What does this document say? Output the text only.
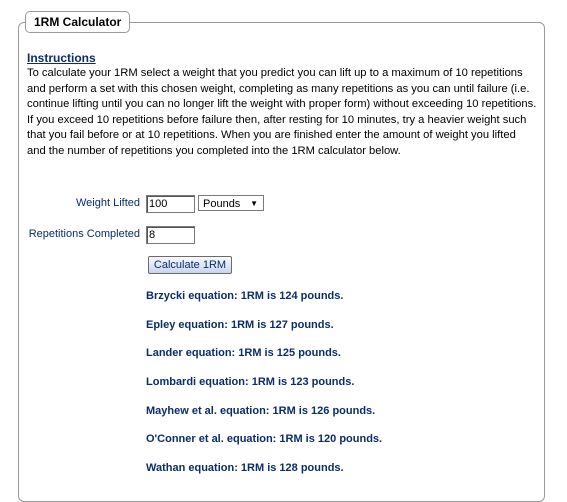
1RM Calculator
Instructions
To calculate your 1RM select a weight that you predict you can lift up to a maximum of 10 repetitions and perform a set with this chosen weight, completing as many repetitions as you can until failure (i.e. continue lifting until you can no longer lift the weight with proper form) without exceeding 10 repetitions. If you exceed 10 repetitions before failure then, after resting for 10 minutes, try a heavier weight such that you fail before or at 10 repetitions. When you are finished enter the amount of weight you lifted and the number of repetitions you completed into the 1RM calculator below.
Weight Lifted 100	Pounds ▼
Repetitions Completed 8
Calculate 1RM
Brzycki equation: 1RM is 124 pounds.
Epley equation: 1RM is 127 pounds.
Lander equation: 1RM is 125 pounds.
Lombardi equation: 1RM is 123 pounds.
Mayhew et al. equation: 1RM is 126 pounds.
O'Conner et al. equation: 1RM is 120 pounds.
Wathan equation: 1RM is 128 pounds.
